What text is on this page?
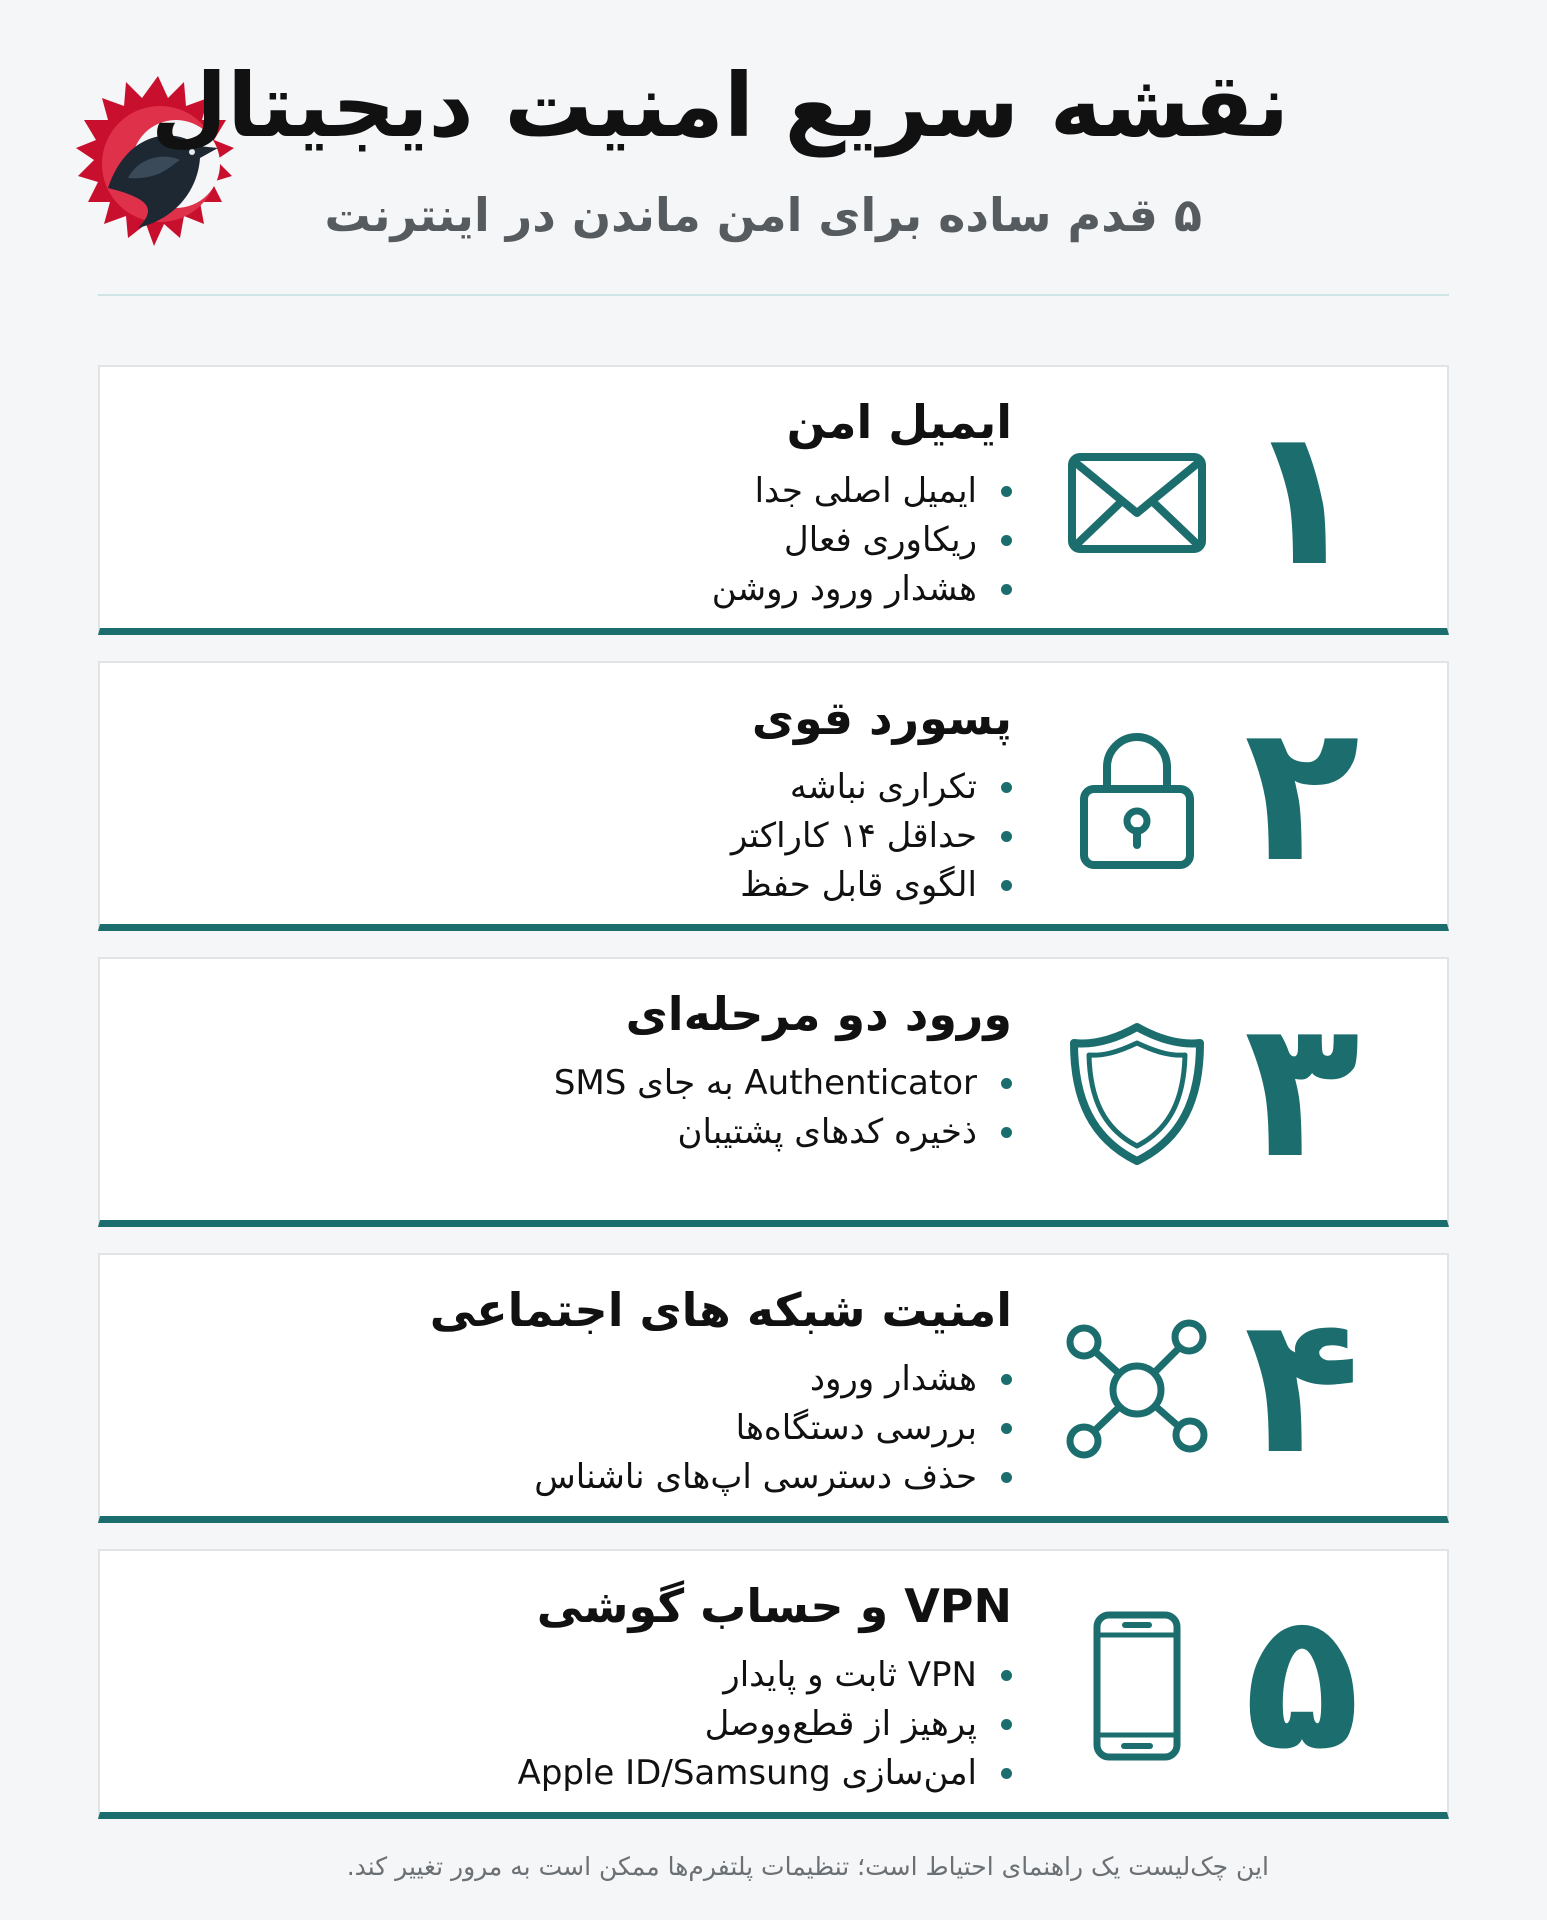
نقشه سریع امنیت دیجیتال
۵ قدم ساده برای امن ماندن در اینترنت
۱
ایمیل امن
ایمیل اصلی جدا
ریکاوری فعال
هشدار ورود روشن
۲
پسورد قوی
تکراری نباشه
حداقل ۱۴ کاراکتر
الگوی قابل حفظ
۳
ورود دو مرحله‌ای
Authenticator به جای SMS
ذخیره کدهای پشتیبان
۴
امنیت شبکه های اجتماعی
هشدار ورود
بررسی دستگاه‌ها
حذف دسترسی اپ‌های ناشناس
۵
VPN و حساب گوشی
VPN ثابت و پایدار
پرهیز از قطع‌ووصل
امن‌سازی Apple ID/Samsung
این چک‌لیست یک راهنمای احتیاط است؛ تنظیمات پلتفرم‌ها ممکن است به مرور تغییر کند.
